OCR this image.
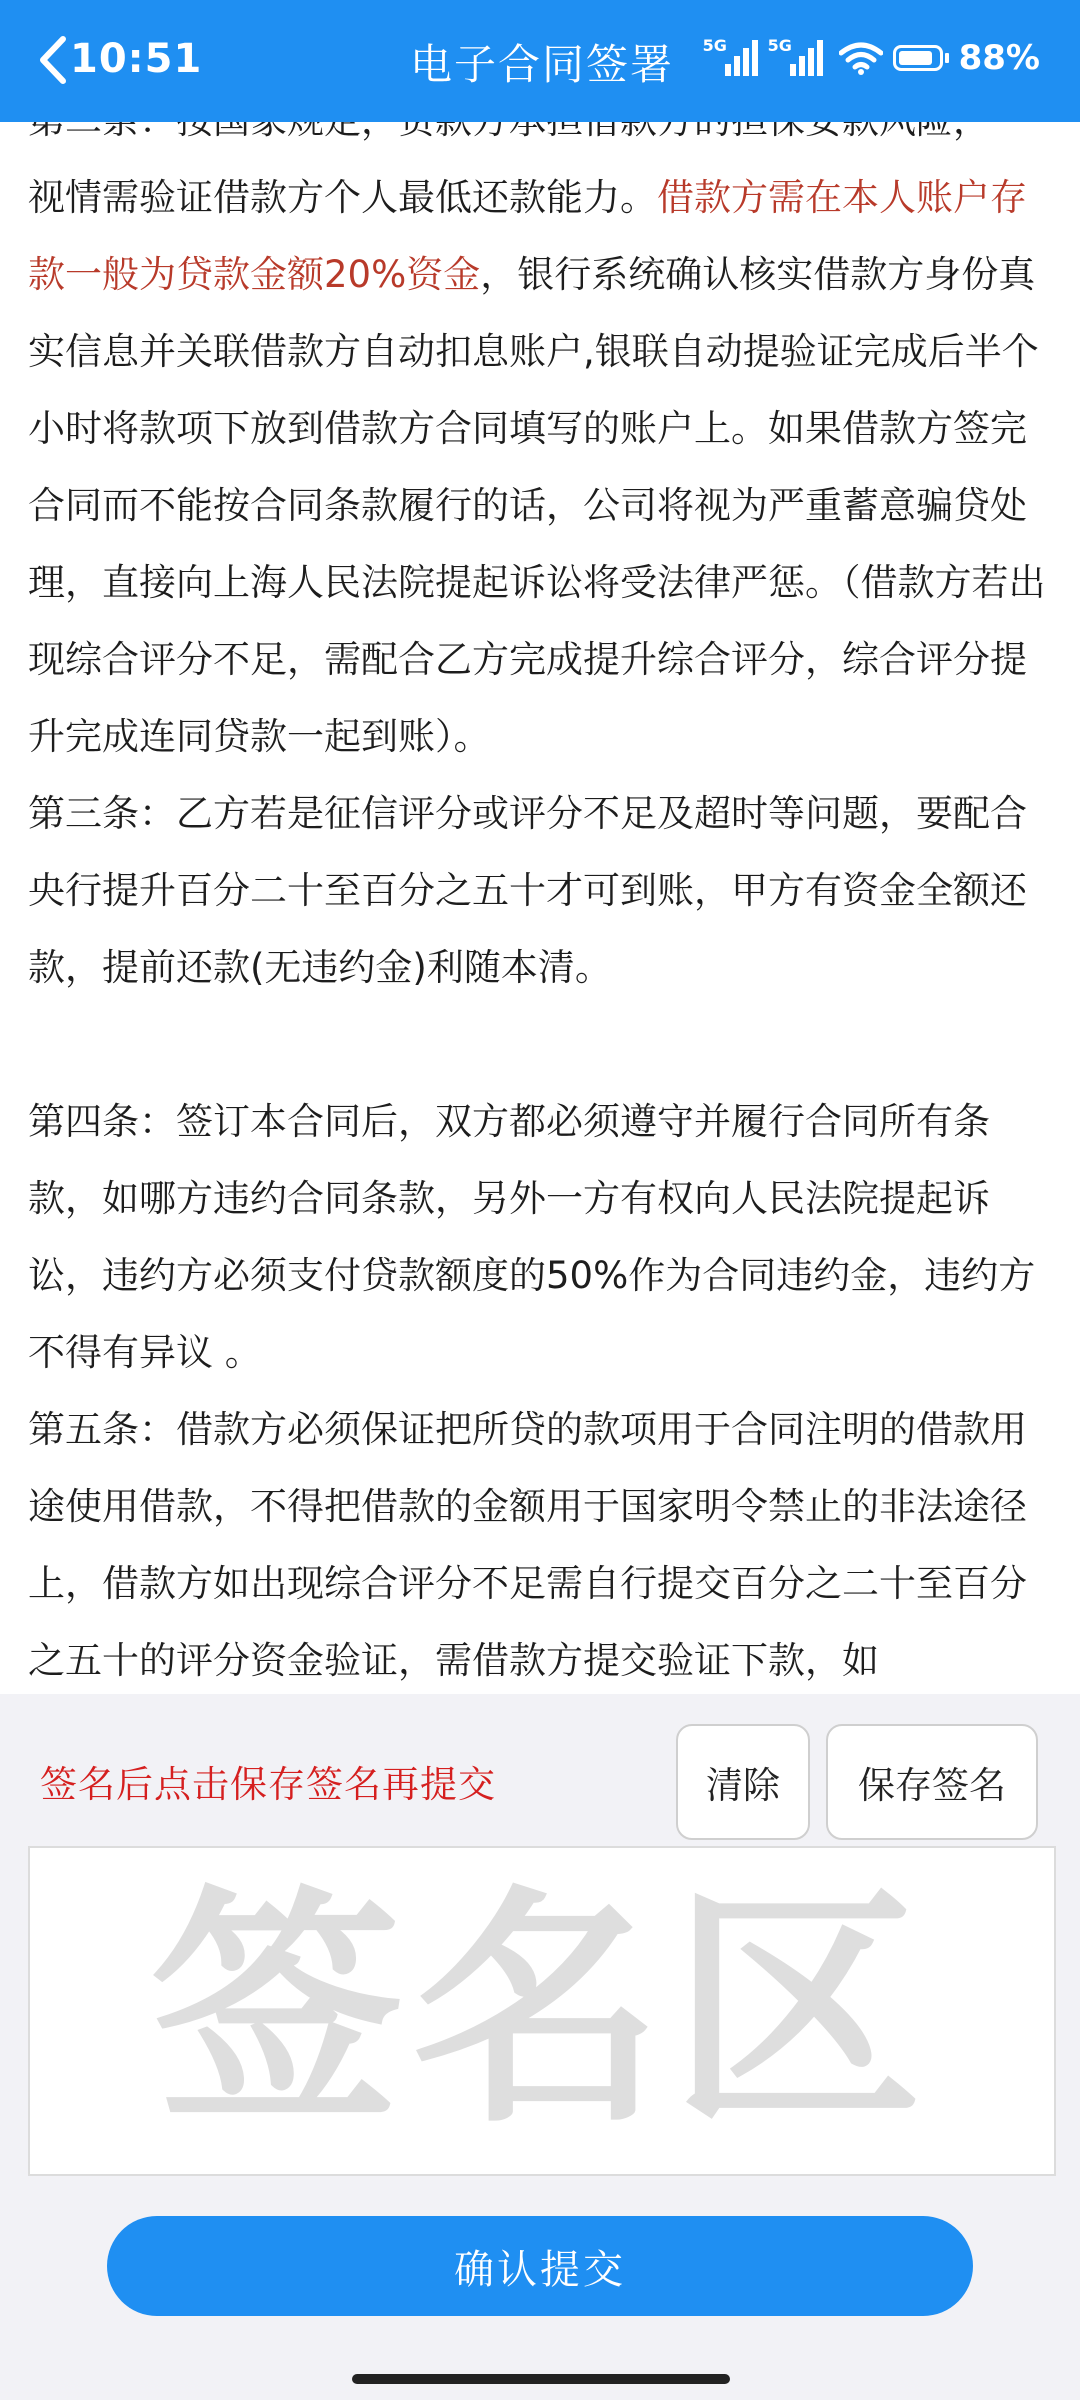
10:51	电子合同签署 5G	5G	88%

视情需验证借款方个人最低还款能力。借款方需在本人账户存款一般为贷款金额20%资金，银行系统确认核实借款方身份真实信息并关联借款方自动扣息账户,银联自动提验证完成后半个小时将款项下放到借款方合同填写的账户上。如果借款方签完合同而不能按合同条款履行的话，公司将视为严重蓄意骗贷处理，直接向上海人民法院提起诉讼将受法律严惩。（借款方若出现综合评分不足，需配合乙方完成提升综合评分，综合评分提升完成连同贷款一起到账）。

第三条：乙方若是征信评分或评分不足及超时等问题，要配合央行提升百分二十至百分之五十才可到账，甲方有资金全额还款，提前还款(无违约金)利随本清。

第四条：签订本合同后，双方都必须遵守并履行合同所有条款，如哪方违约合同条款，另外一方有权向人民法院提起诉讼，违约方必须支付贷款额度的50%作为合同违约金，违约方不得有异议 。

第五条：借款方必须保证把所贷的款项用于合同注明的借款用途使用借款，不得把借款的金额用于国家明令禁止的非法途径上，借款方如出现综合评分不足需自行提交百分之二十至百分之五十的评分资金验证，需借款方提交验证下款，如

签名后点击保存签名再提交	清除	保存签名
签名区
确认提交
